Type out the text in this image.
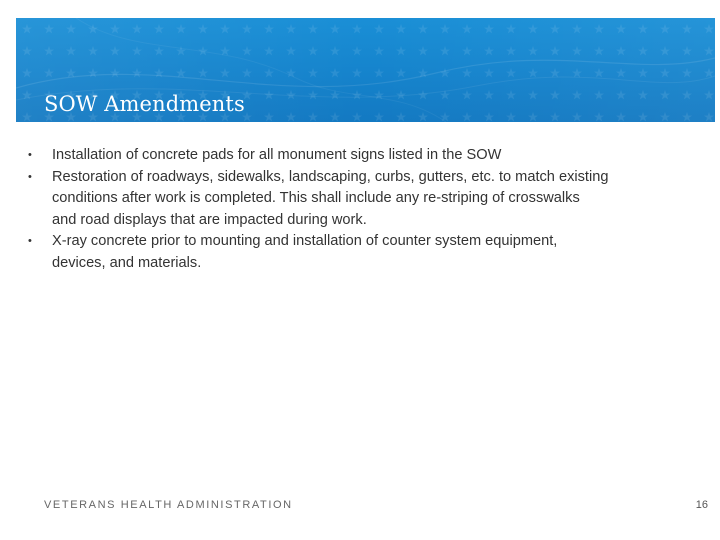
SOW Amendments
•	Installation of concrete pads for all monument signs listed in the SOW
•	Restoration of roadways, sidewalks, landscaping, curbs, gutters, etc. to match existing
conditions after work is completed. This shall include any re-striping of crosswalks
and road displays that are impacted during work.
•	X-ray concrete prior to mounting and installation of counter system equipment,
devices, and materials.
VETERANS HEALTH ADMINISTRATION	16
